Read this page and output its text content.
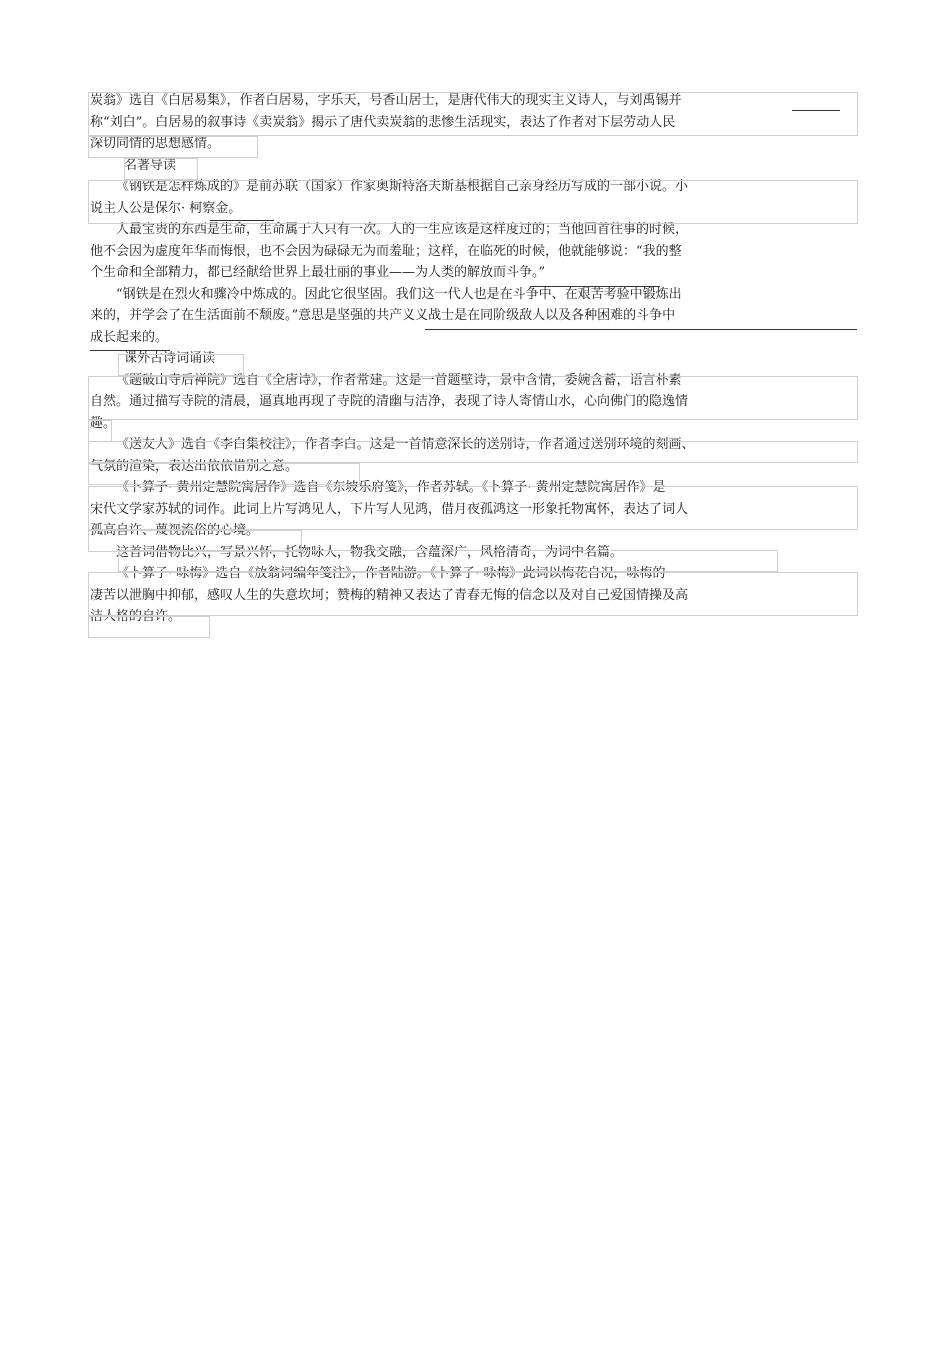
炭翁》选自《白居易集》，作者白居易，字乐天，号香山居士，是唐代伟大的现实主义诗人，与刘禹锡并
称“刘白”。白居易的叙事诗《卖炭翁》揭示了唐代卖炭翁的悲惨生活现实，表达了作者对下层劳动人民
深切同情的思想感情。
名著导读
《钢铁是怎样炼成的》是前苏联（国家）作家奥斯特洛夫斯基根据自己亲身经历写成的一部小说。小
说主人公是保尔· 柯察金。
人最宝贵的东西是生命，生命属于人只有一次。人的一生应该是这样度过的；当他回首往事的时候，
他不会因为虚度年华而悔恨，也不会因为碌碌无为而羞耻；这样，在临死的时候，他就能够说：“我的整
个生命和全部精力，都已经献给世界上最壮丽的事业——为人类的解放而斗争。”
“钢铁是在烈火和骤冷中炼成的。因此它很坚固。我们这一代人也是在斗争中、在艰苦考验中锻炼出
来的，并学会了在生活面前不颓废。”意思是坚强的共产义义战士是在同阶级敌人以及各种困难的斗争中
成长起来的。
课外古诗词诵读
《题破山寺后禅院》选自《全唐诗》，作者常建。这是一首题壁诗，景中含情，委婉含蓄，语言朴素
自然。通过描写寺院的清晨，逼真地再现了寺院的清幽与洁净，表现了诗人寄情山水，心向佛门的隐逸情
趣。
《送友人》选自《李白集校注》，作者李白。这是一首情意深长的送别诗，作者通过送别环境的刻画、
气氛的渲染，表达出依依惜别之意。
《卜算子· 黄州定慧院寓居作》选自《东坡乐府笺》，作者苏轼。《卜算子· 黄州定慧院寓居作》是
宋代文学家苏轼的词作。此词上片写鸿见人，下片写人见鸿，借月夜孤鸿这一形象托物寓怀，表达了词人
孤高自许、蔑视流俗的心境。
这首词借物比兴，写景兴怀，托物咏人，物我交融，含蕴深广，风格清奇，为词中名篇。
《卜算子· 咏梅》选自《放翁词编年笺注》，作者陆游。《卜算子· 咏梅》此词以梅花自况，咏梅的
凄苦以泄胸中抑郁，感叹人生的失意坎坷；赞梅的精神又表达了青春无悔的信念以及对自己爱国情操及高
洁人格的自许。
